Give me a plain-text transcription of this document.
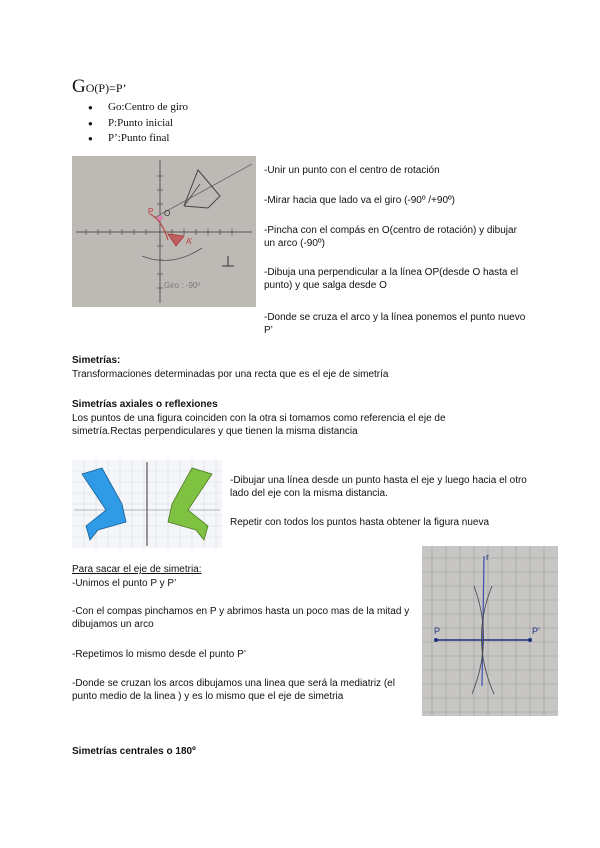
GO(P)=P’
● Go:Centro de giro
● P:Punto inicial
● P’:Punto final
O
P
A’
Giro : -90º
-Unir un punto con el centro de rotación
-Mirar hacia que lado va el giro (-90º /+90º)
-Pincha con el compás en O(centro de rotación) y dibujar un arco (-90º)
-Dibuja una perpendicular a la línea OP(desde O hasta el punto) y que salga desde O
-Donde se cruza el arco y la línea ponemos el punto nuevo P’
Simetrías:
Transformaciones determinadas por una recta que es el eje de simetría
Simetrías axiales o reflexiones
Los puntos de una figura coinciden con la otra si tomamos como referencia el eje de simetría.Rectas perpendiculares y que tienen la misma distancia
-Dibujar una línea desde un punto hasta el eje y luego hacia el otro lado del eje con la misma distancia.
Repetir con todos los puntos hasta obtener la figura nueva
Para sacar el eje de simetria:
-Unimos el punto P y P’
-Con el compas pinchamos en P y abrimos hasta un poco mas de la mitad y dibujamos un arco
-Repetimos lo mismo desde el punto P’
-Donde se cruzan los arcos dibujamos una linea que será la mediatriz (el punto medio de la linea ) y es lo mismo que el eje de simetria
P	P’
r
Simetrías centrales o 180º
